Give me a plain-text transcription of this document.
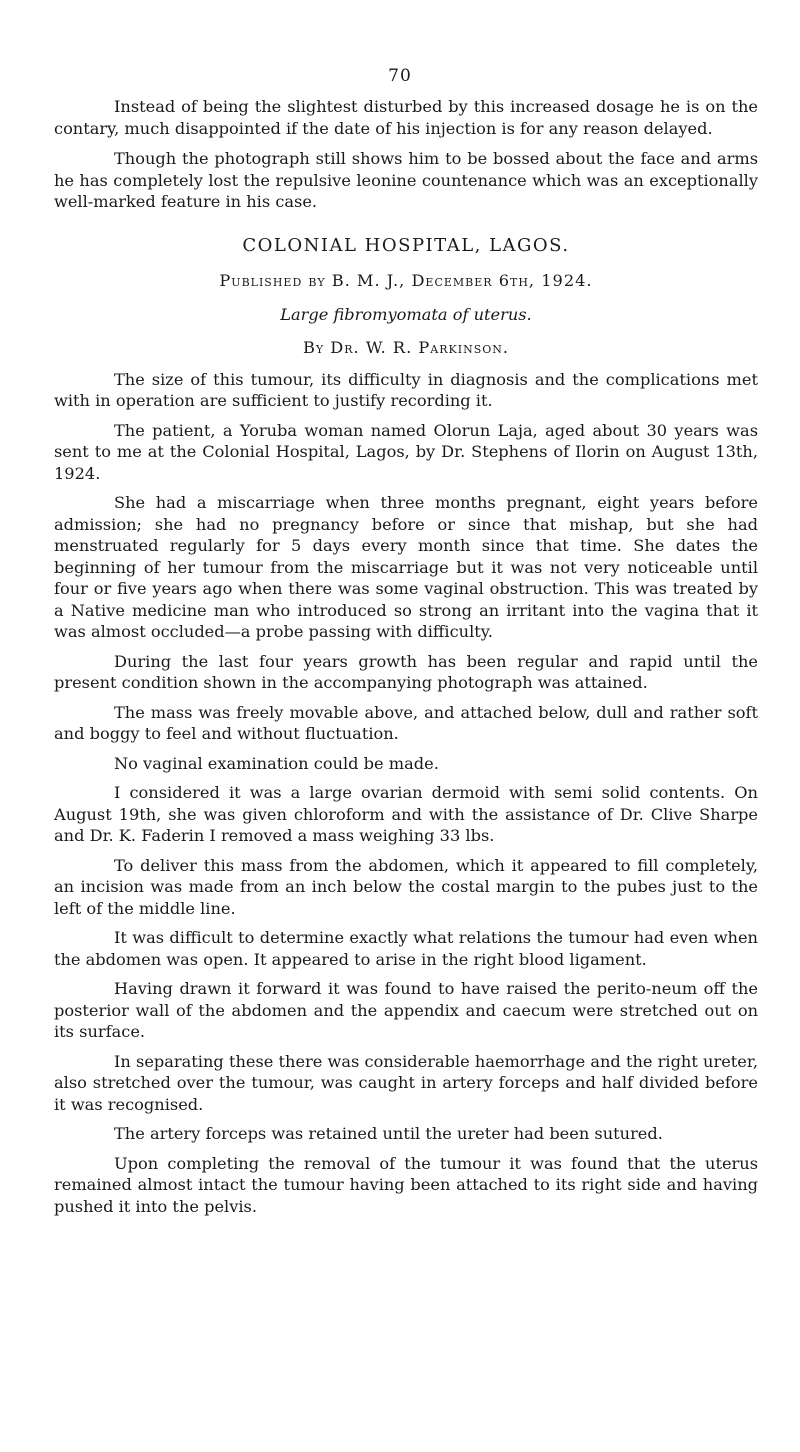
70

Instead of being the slightest disturbed by this increased dosage he is on the contary, much disappointed if the date of his injection is for any reason delayed.

Though the photograph still shows him to be bossed about the face and arms he has completely lost the repulsive leonine countenance which was an exceptionally well-marked feature in his case.

COLONIAL HOSPITAL, LAGOS.

Published by B. M. J., December 6th, 1924.

Large fibromyomata of uterus.

By Dr. W. R. Parkinson.

The size of this tumour, its difficulty in diagnosis and the complications met with in operation are sufficient to justify recording it.

The patient, a Yoruba woman named Olorun Laja, aged about 30 years was sent to me at the Colonial Hospital, Lagos, by Dr. Stephens of Ilorin on August 13th, 1924.

She had a miscarriage when three months pregnant, eight years before admission; she had no pregnancy before or since that mishap, but she had menstruated regularly for 5 days every month since that time. She dates the beginning of her tumour from the miscarriage but it was not very noticeable until four or five years ago when there was some vaginal obstruction. This was treated by a Native medicine man who introduced so strong an irritant into the vagina that it was almost occluded—a probe passing with difficulty.

During the last four years growth has been regular and rapid until the present condition shown in the accompanying photograph was attained.

The mass was freely movable above, and attached below, dull and rather soft and boggy to feel and without fluctuation.

No vaginal examination could be made.

I considered it was a large ovarian dermoid with semi solid contents. On August 19th, she was given chloroform and with the assistance of Dr. Clive Sharpe and Dr. K. Faderin I removed a mass weighing 33 lbs.

To deliver this mass from the abdomen, which it appeared to fill completely, an incision was made from an inch below the costal margin to the pubes just to the left of the middle line.

It was difficult to determine exactly what relations the tumour had even when the abdomen was open. It appeared to arise in the right blood ligament.

Having drawn it forward it was found to have raised the perito-neum off the posterior wall of the abdomen and the appendix and caecum were stretched out on its surface.

In separating these there was considerable haemorrhage and the right ureter, also stretched over the tumour, was caught in artery forceps and half divided before it was recognised.

The artery forceps was retained until the ureter had been sutured.

Upon completing the removal of the tumour it was found that the uterus remained almost intact the tumour having been attached to its right side and having pushed it into the pelvis.
